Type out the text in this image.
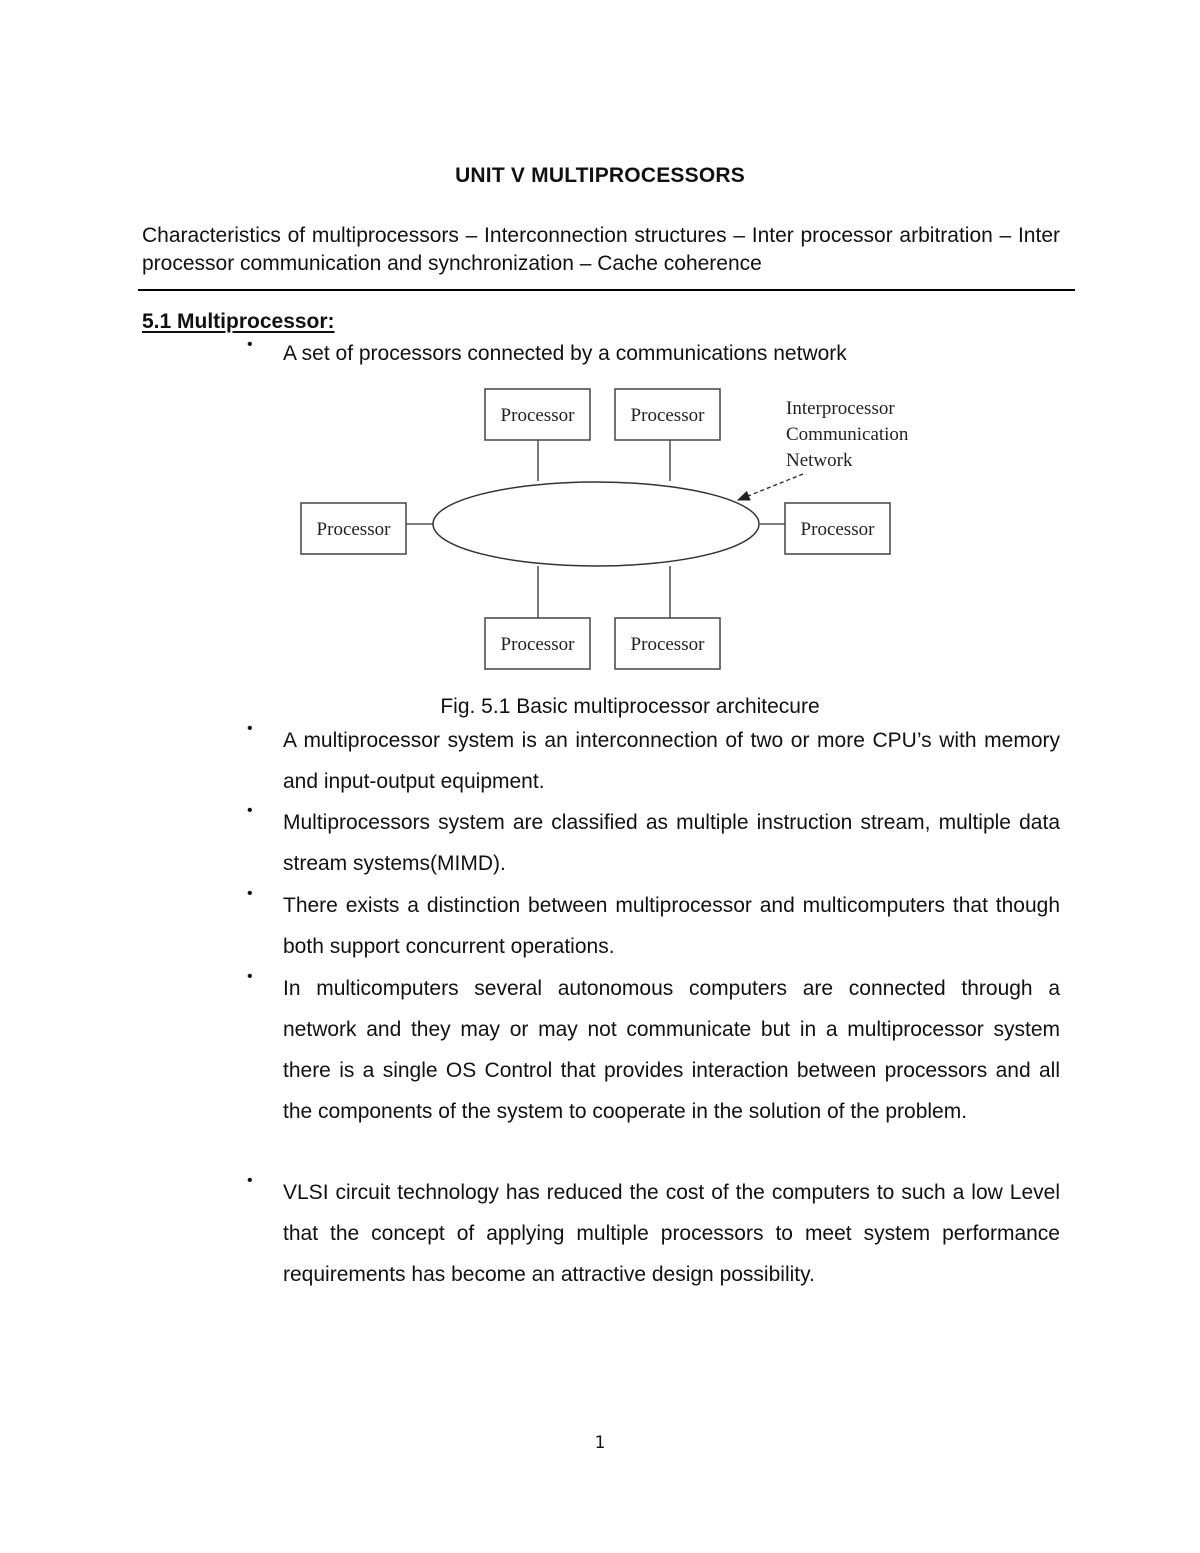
UNIT V MULTIPROCESSORS

Characteristics of multiprocessors – Interconnection structures – Inter processor arbitration – Inter processor communication and synchronization – Cache coherence

5.1 Multiprocessor:
• A set of processors connected by a communications network
Interprocessor
Communication
Network
Processor	Processor
Processor	Processor
Processor	Processor
Fig. 5.1 Basic multiprocessor architecure
•
A multiprocessor system is an interconnection of two or more CPU’s with memory and input-output equipment.
•
Multiprocessors system are classified as multiple instruction stream, multiple data stream systems(MIMD).
•
There exists a distinction between multiprocessor and multicomputers that though both support concurrent operations.
•
In multicomputers several autonomous computers are connected through a network and they may or may not communicate but in a multiprocessor system there is a single OS Control that provides interaction between processors and all the components of the system to cooperate in the solution of the problem.
•
VLSI circuit technology has reduced the cost of the computers to such a low Level that the concept of applying multiple processors to meet system performance requirements has become an attractive design possibility.
1
